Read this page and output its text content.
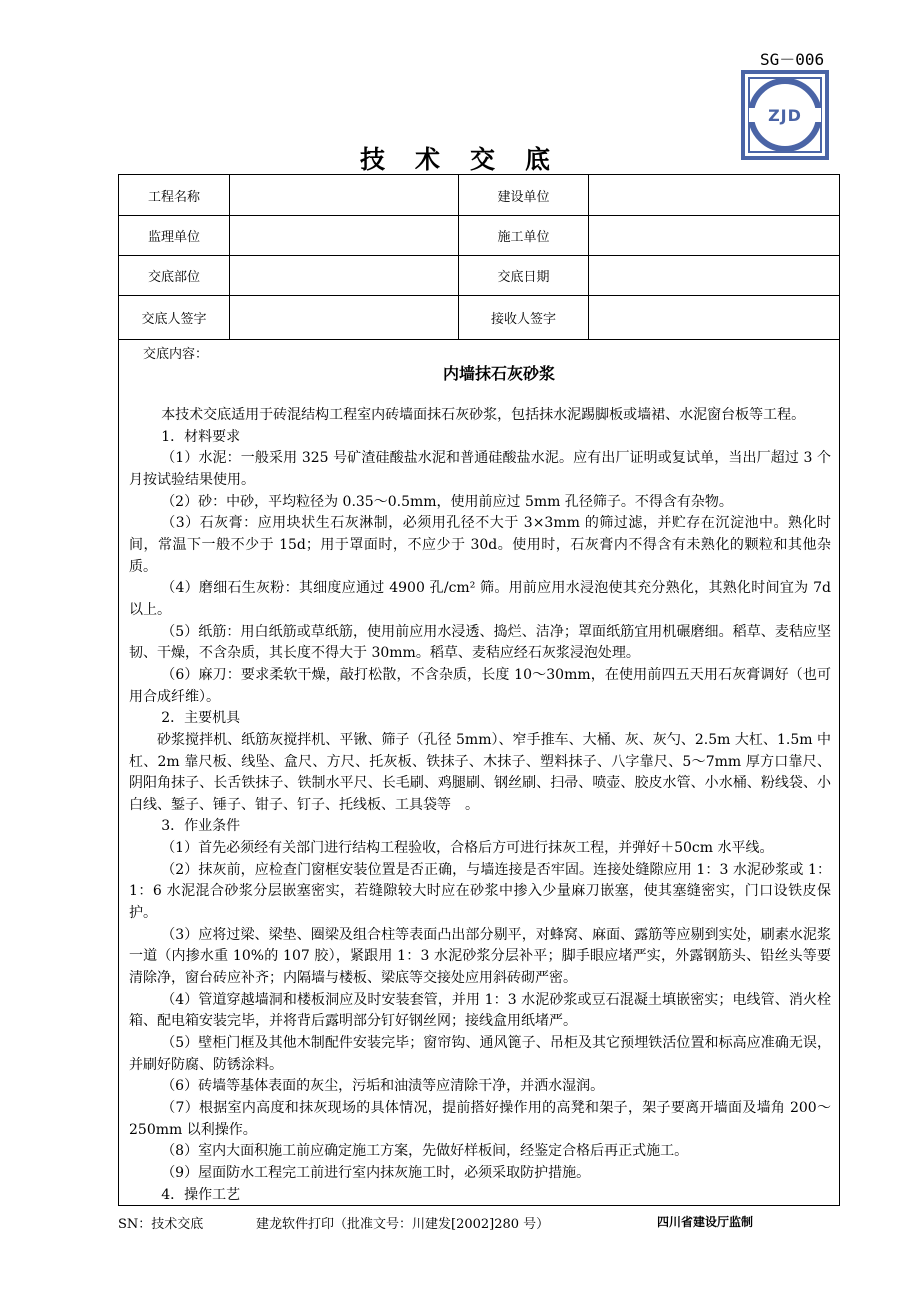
SG－006
ZJD
技术交底
工程名称	建设单位
监理单位	施工单位
交底部位	交底日期
交底人签字	接收人签字
交底内容：
内墙抹石灰砂浆

本技术交底适用于砖混结构工程室内砖墙面抹石灰砂浆，包括抹水泥踢脚板或墙裙、水泥窗台板等工程。

1．材料要求

（1）水泥：一般采用 325 号矿渣硅酸盐水泥和普通硅酸盐水泥。应有出厂证明或复试单，当出厂超过 3 个月按试验结果使用。

（2）砂：中砂，平均粒径为 0.35～0.5mm，使用前应过 5mm 孔径筛子。不得含有杂物。

（3）石灰膏：应用块状生石灰淋制，必须用孔径不大于 3×3mm 的筛过滤，并贮存在沉淀池中。熟化时间，常温下一般不少于 15d；用于罩面时，不应少于 30d。使用时，石灰膏内不得含有未熟化的颗粒和其他杂质。

（4）磨细石生灰粉：其细度应通过 4900 孔/cm² 筛。用前应用水浸泡使其充分熟化，其熟化时间宜为 7d 以上。

（5）纸筋：用白纸筋或草纸筋，使用前应用水浸透、捣烂、洁净；罩面纸筋宜用机碾磨细。稻草、麦秸应坚韧、干燥，不含杂质，其长度不得大于 30mm。稻草、麦秸应经石灰浆浸泡处理。

（6）麻刀：要求柔软干燥，敲打松散，不含杂质，长度 10～30mm，在使用前四五天用石灰膏调好（也可用合成纤维）。

2．主要机具

砂浆搅拌机、纸筋灰搅拌机、平锹、筛子（孔径 5mm）、窄手推车、大桶、灰、灰勺、2.5m 大杠、1.5m 中杠、2m 靠尺板、线坠、盒尺、方尺、托灰板、铁抹子、木抹子、塑料抹子、八字靠尺、5～7mm 厚方口靠尺、阴阳角抹子、长舌铁抹子、铁制水平尺、长毛刷、鸡腿刷、钢丝刷、扫帚、喷壶、胶皮水管、小水桶、粉线袋、小白线、錾子、锤子、钳子、钉子、托线板、工具袋等　。

3．作业条件

（1）首先必须经有关部门进行结构工程验收，合格后方可进行抹灰工程，并弹好＋50cm 水平线。

（2）抹灰前，应检查门窗框安装位置是否正确，与墙连接是否牢固。连接处缝隙应用 1：3 水泥砂浆或 1：1：6 水泥混合砂浆分层嵌塞密实，若缝隙较大时应在砂浆中掺入少量麻刀嵌塞，使其塞缝密实，门口设铁皮保护。

（3）应将过梁、梁垫、圈梁及组合柱等表面凸出部分剔平，对蜂窝、麻面、露筋等应剔到实处，刷素水泥浆一道（内掺水重 10%的 107 胶），紧跟用 1：3 水泥砂浆分层补平；脚手眼应堵严实，外露钢筋头、铅丝头等要清除净，窗台砖应补齐；内隔墙与楼板、梁底等交接处应用斜砖砌严密。

（4）管道穿越墙洞和楼板洞应及时安装套管，并用 1：3 水泥砂浆或豆石混凝土填嵌密实；电线管、消火栓箱、配电箱安装完毕，并将背后露明部分钉好钢丝网；接线盒用纸堵严。

（5）壁柜门框及其他木制配件安装完毕；窗帘钩、通风篦子、吊柜及其它预埋铁活位置和标高应准确无误，并刷好防腐、防锈涂料。

（6）砖墙等基体表面的灰尘，污垢和油渍等应清除干净，并洒水湿润。

（7）根据室内高度和抹灰现场的具体情况，提前搭好操作用的高凳和架子，架子要离开墙面及墙角 200～250mm 以利操作。

（8）室内大面积施工前应确定施工方案，先做好样板间，经鉴定合格后再正式施工。

（9）屋面防水工程完工前进行室内抹灰施工时，必须采取防护措施。

4．操作工艺

SN：技术交底	建龙软件打印（批准文号：川建发[2002]280 号）	四川省建设厅监制
